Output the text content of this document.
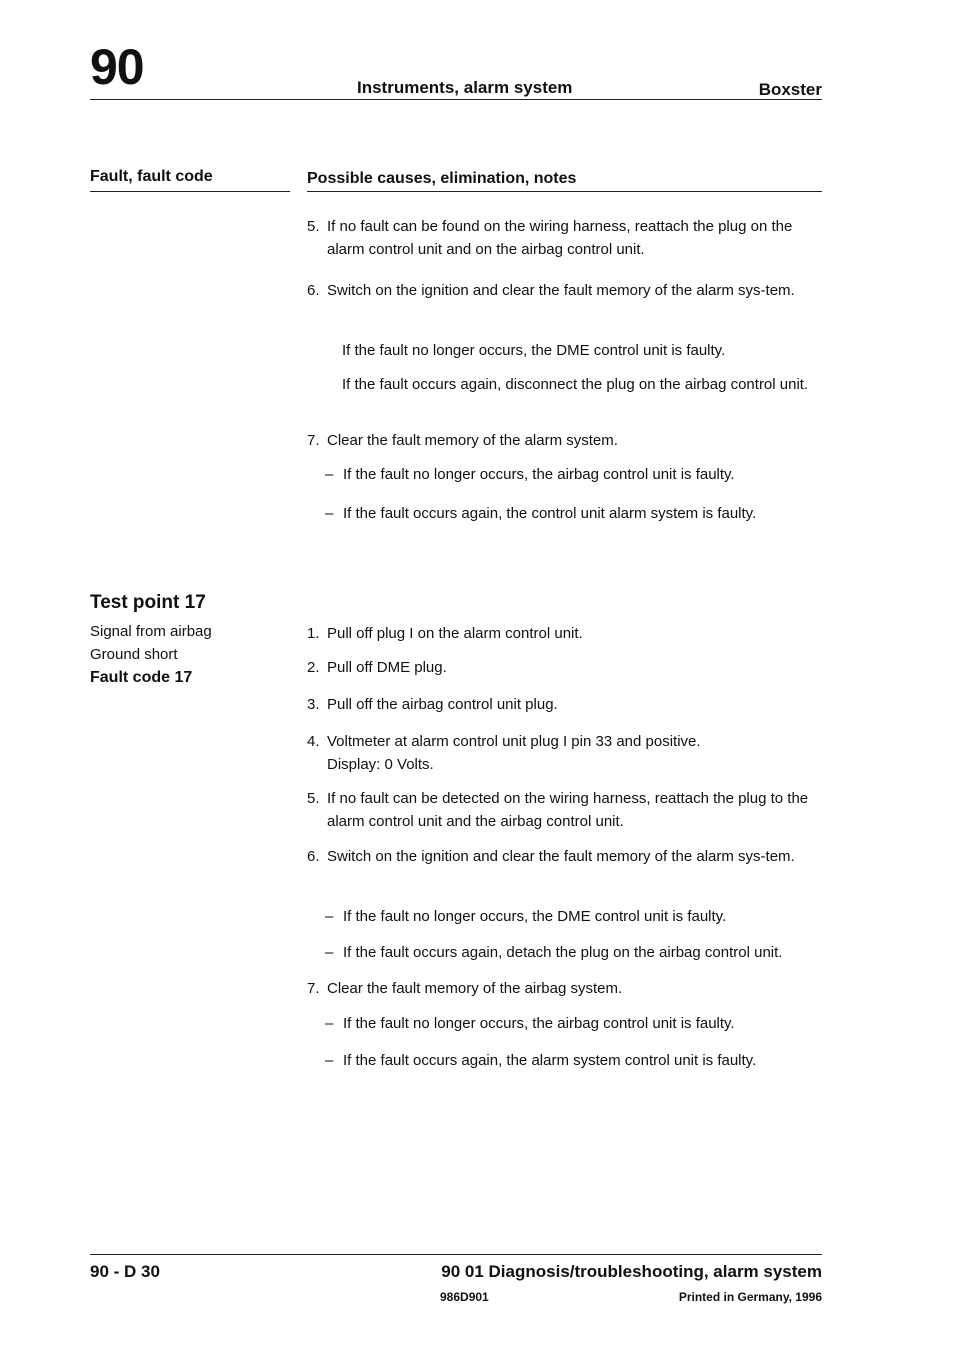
90	Instruments, alarm system	Boxster
Fault, fault code	Possible causes, elimination, notes
5. If no fault can be found on the wiring harness, reattach the plug on the alarm control unit and on the airbag control unit.
6. Switch on the ignition and clear the fault memory of the alarm sys-tem.
If the fault no longer occurs, the DME control unit is faulty.
If the fault occurs again, disconnect the plug on the airbag control unit.
7. Clear the fault memory of the alarm system.
– If the fault no longer occurs, the airbag control unit is faulty.
– If the fault occurs again, the control unit alarm system is faulty.
Test point 17
Signal from airbag
Ground short
Fault code 17
1. Pull off plug I on the alarm control unit.
2. Pull off DME plug.
3. Pull off the airbag control unit plug.
4. Voltmeter at alarm control unit plug I pin 33 and positive.
Display: 0 Volts.
5. If no fault can be detected on the wiring harness, reattach the plug to the alarm control unit and the airbag control unit.
6. Switch on the ignition and clear the fault memory of the alarm sys-tem.
– If the fault no longer occurs, the DME control unit is faulty.
– If the fault occurs again, detach the plug on the airbag control unit.
7. Clear the fault memory of the airbag system.
– If the fault no longer occurs, the airbag control unit is faulty.
– If the fault occurs again, the alarm system control unit is faulty.
90 - D 30	90 01 Diagnosis/troubleshooting, alarm system
986D901	Printed in Germany, 1996
